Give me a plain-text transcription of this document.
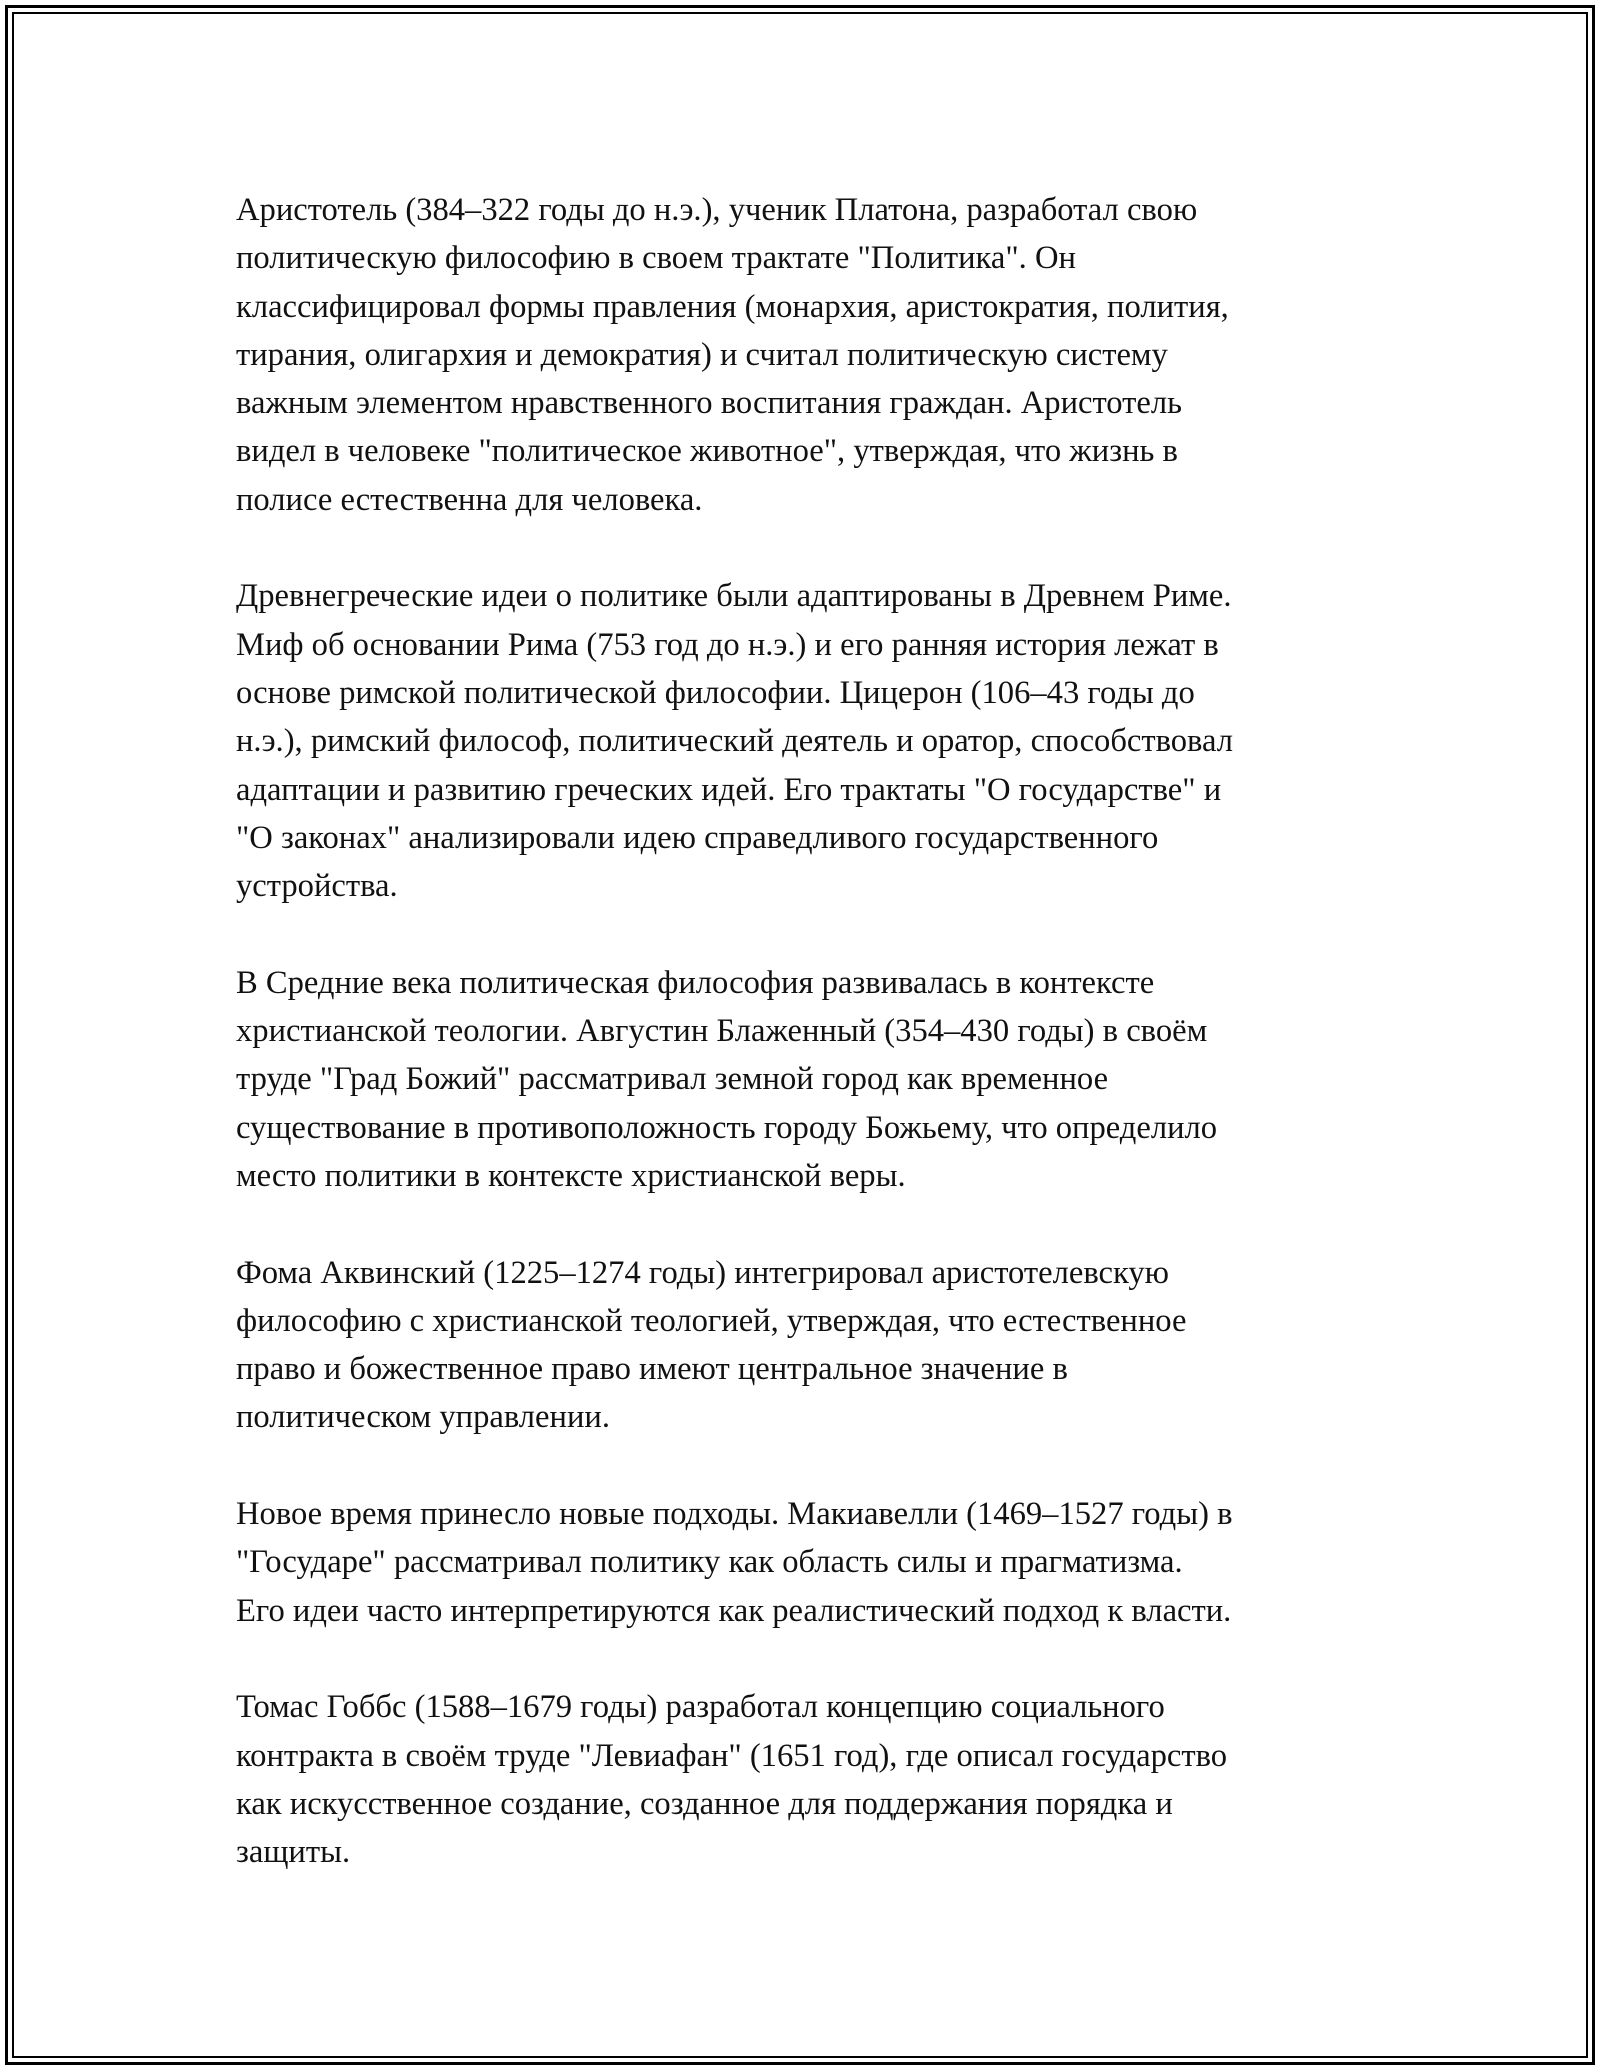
Аристотель (384–322 годы до н.э.), ученик Платона, разработал свою
политическую философию в своем трактате "Политика". Он
классифицировал формы правления (монархия, аристократия, полития,
тирания, олигархия и демократия) и считал политическую систему
важным элементом нравственного воспитания граждан. Аристотель
видел в человеке "политическое животное", утверждая, что жизнь в
полисе естественна для человека.

Древнегреческие идеи о политике были адаптированы в Древнем Риме.
Миф об основании Рима (753 год до н.э.) и его ранняя история лежат в
основе римской политической философии. Цицерон (106–43 годы до
н.э.), римский философ, политический деятель и оратор, способствовал
адаптации и развитию греческих идей. Его трактаты "О государстве" и
"О законах" анализировали идею справедливого государственного
устройства.

В Средние века политическая философия развивалась в контексте
христианской теологии. Августин Блаженный (354–430 годы) в своём
труде "Град Божий" рассматривал земной город как временное
существование в противоположность городу Божьему, что определило
место политики в контексте христианской веры.

Фома Аквинский (1225–1274 годы) интегрировал аристотелевскую
философию с христианской теологией, утверждая, что естественное
право и божественное право имеют центральное значение в
политическом управлении.

Новое время принесло новые подходы. Макиавелли (1469–1527 годы) в
"Государе" рассматривал политику как область силы и прагматизма.
Его идеи часто интерпретируются как реалистический подход к власти.

Томас Гоббс (1588–1679 годы) разработал концепцию социального
контракта в своём труде "Левиафан" (1651 год), где описал государство
как искусственное создание, созданное для поддержания порядка и
защиты.
